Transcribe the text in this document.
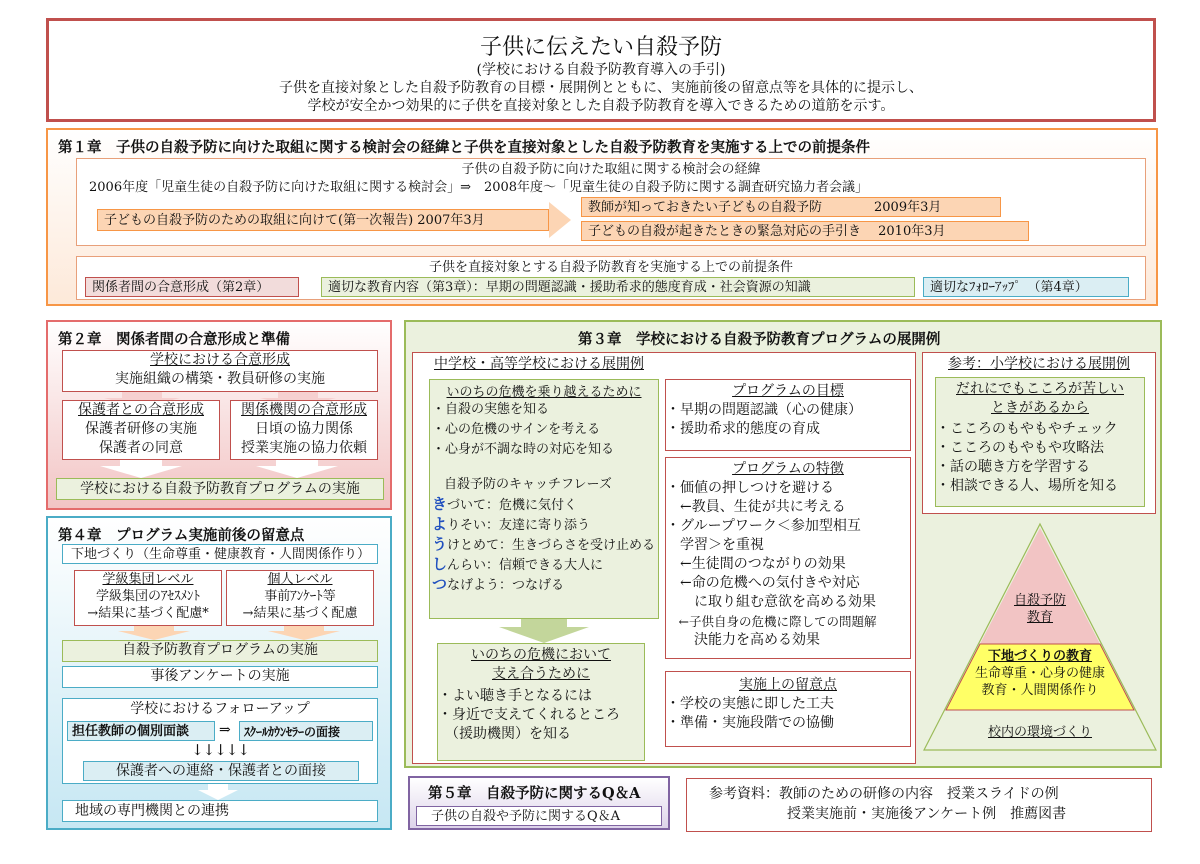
子供に伝えたい自殺予防
(学校における自殺予防教育導入の手引)
子供を直接対象とした自殺予防教育の目標・展開例とともに、実施前後の留意点等を具体的に提示し、
学校が安全かつ効果的に子供を直接対象とした自殺予防教育を導入できるための道筋を示す。
第１章　子供の自殺予防に向けた取組に関する検討会の経緯と子供を直接対象とした自殺予防教育を実施する上での前提条件
子供の自殺予防に向けた取組に関する検討会の経緯
2006年度「児童生徒の自殺予防に向けた取組に関する検討会」⇒　2008年度～「児童生徒の自殺予防に関する調査研究協力者会議」
子どもの自殺予防のための取組に向けて(第一次報告) 2007年3月
教師が知っておきたい子どもの自殺予防　　　　2009年3月
子どもの自殺が起きたときの緊急対応の手引き　 2010年3月
子供を直接対象とする自殺予防教育を実施する上での前提条件
関係者間の合意形成（第2章）	適切な教育内容（第3章）：早期の問題認識・援助希求的態度育成・社会資源の知識	適切なﾌｫﾛｰｱｯﾌﾟ　（第4章）
第２章　関係者間の合意形成と準備
学校における合意形成
実施組織の構築・教員研修の実施
保護者との合意形成
保護者研修の実施
保護者の同意
関係機関の合意形成
日頃の協力関係
授業実施の協力依頼
学校における自殺予防教育プログラムの実施
第４章　プログラム実施前後の留意点
下地づくり（生命尊重・健康教育・人間関係作り）
学級集団レベル
学級集団のｱｾｽﾒﾝﾄ
→結果に基づく配慮*
個人レベル
事前ｱﾝｹｰﾄ等
→結果に基づく配慮
自殺予防教育プログラムの実施
事後アンケートの実施
学校におけるフォローアップ
担任教師の個別面談	⇒	ｽｸｰﾙｶｳﾝｾﾗｰの面接
↓↓↓↓↓
保護者への連絡・保護者との面接
地域の専門機関との連携
第３章　学校における自殺予防教育プログラムの展開例
中学校・高等学校における展開例
いのちの危機を乗り越えるために
・自殺の実態を知る
・心の危機のサインを考える
・心身が不調な時の対応を知る
自殺予防のキャッチフレーズ
きづいて：危機に気付く
よりそい：友達に寄り添う
うけとめて：生きづらさを受け止める
しんらい：信頼できる大人に
つなげよう：つなげる
いのちの危機において
支え合うために
・よい聴き手となるには
・身近で支えてくれるところ
　（援助機関）を知る
プログラムの目標
・早期の問題認識（心の健康）
・援助希求的態度の育成
プログラムの特徴
・価値の押しつけを避ける
　←教員、生徒が共に考える
・グループワーク＜参加型相互
　学習＞を重視
　←生徒間のつながりの効果
　←命の危機への気付きや対応
　　に取り組む意欲を高める効果
　←子供自身の危機に際しての問題解
　　決能力を高める効果
実施上の留意点
・学校の実態に即した工夫
・準備・実施段階での協働
参考：小学校における展開例
だれにでもこころが苦しい
ときがあるから
・こころのもやもやチェック
・こころのもやもや攻略法
・話の聴き方を学習する
・相談できる人、場所を知る
自殺予防
教育
下地づくりの教育
生命尊重・心身の健康
教育・人間関係作り
校内の環境づくり
第５章　自殺予防に関するQ＆A
子供の自殺や予防に関するQ＆A
参考資料：教師のための研修の内容　授業スライドの例
授業実施前・実施後アンケート例　推薦図書
